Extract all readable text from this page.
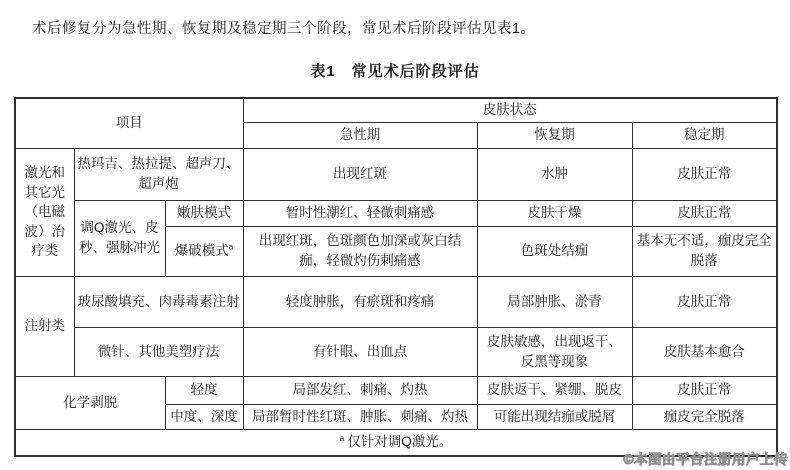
术后修复分为急性期、恢复期及稳定期三个阶段，常见术后阶段评估见表1。

表1　常见术后阶段评估
项目			皮肤状态		
			急性期	恢复期	稳定期
激光和其它光（电磁波）治疗类	热玛吉、热拉提、超声刀、超声炮		出现红斑	水肿	皮肤正常
	调Q激光、皮秒、强脉冲光	嫩肤模式	暂时性潮红、轻微刺痛感	皮肤干燥	皮肤正常
		爆破模式$^a$	出现红斑，色斑颜色加深或灰白结痂，轻微灼伤刺痛感	色斑处结痂	基本无不适，痂皮完全脱落
注射类	玻尿酸填充、肉毒毒素注射		轻度肿胀，有瘀斑和疼痛	局部肿胀、淤青	皮肤正常
	微针、其他美塑疗法		有针眼、出血点	皮肤敏感，出现返干、反黑等现象	皮肤基本愈合
化学剥脱		轻度	局部发红、刺痛、灼热	皮肤返干、紧绷、脱皮	皮肤正常
		中度、深度	局部暂时性红斑、肿胀、刺痛、灼热	可能出现结痂或脱屑	痂皮完全脱落
$^a$ 仅针对调Q激光。					
©本图由平台注册用户上传
